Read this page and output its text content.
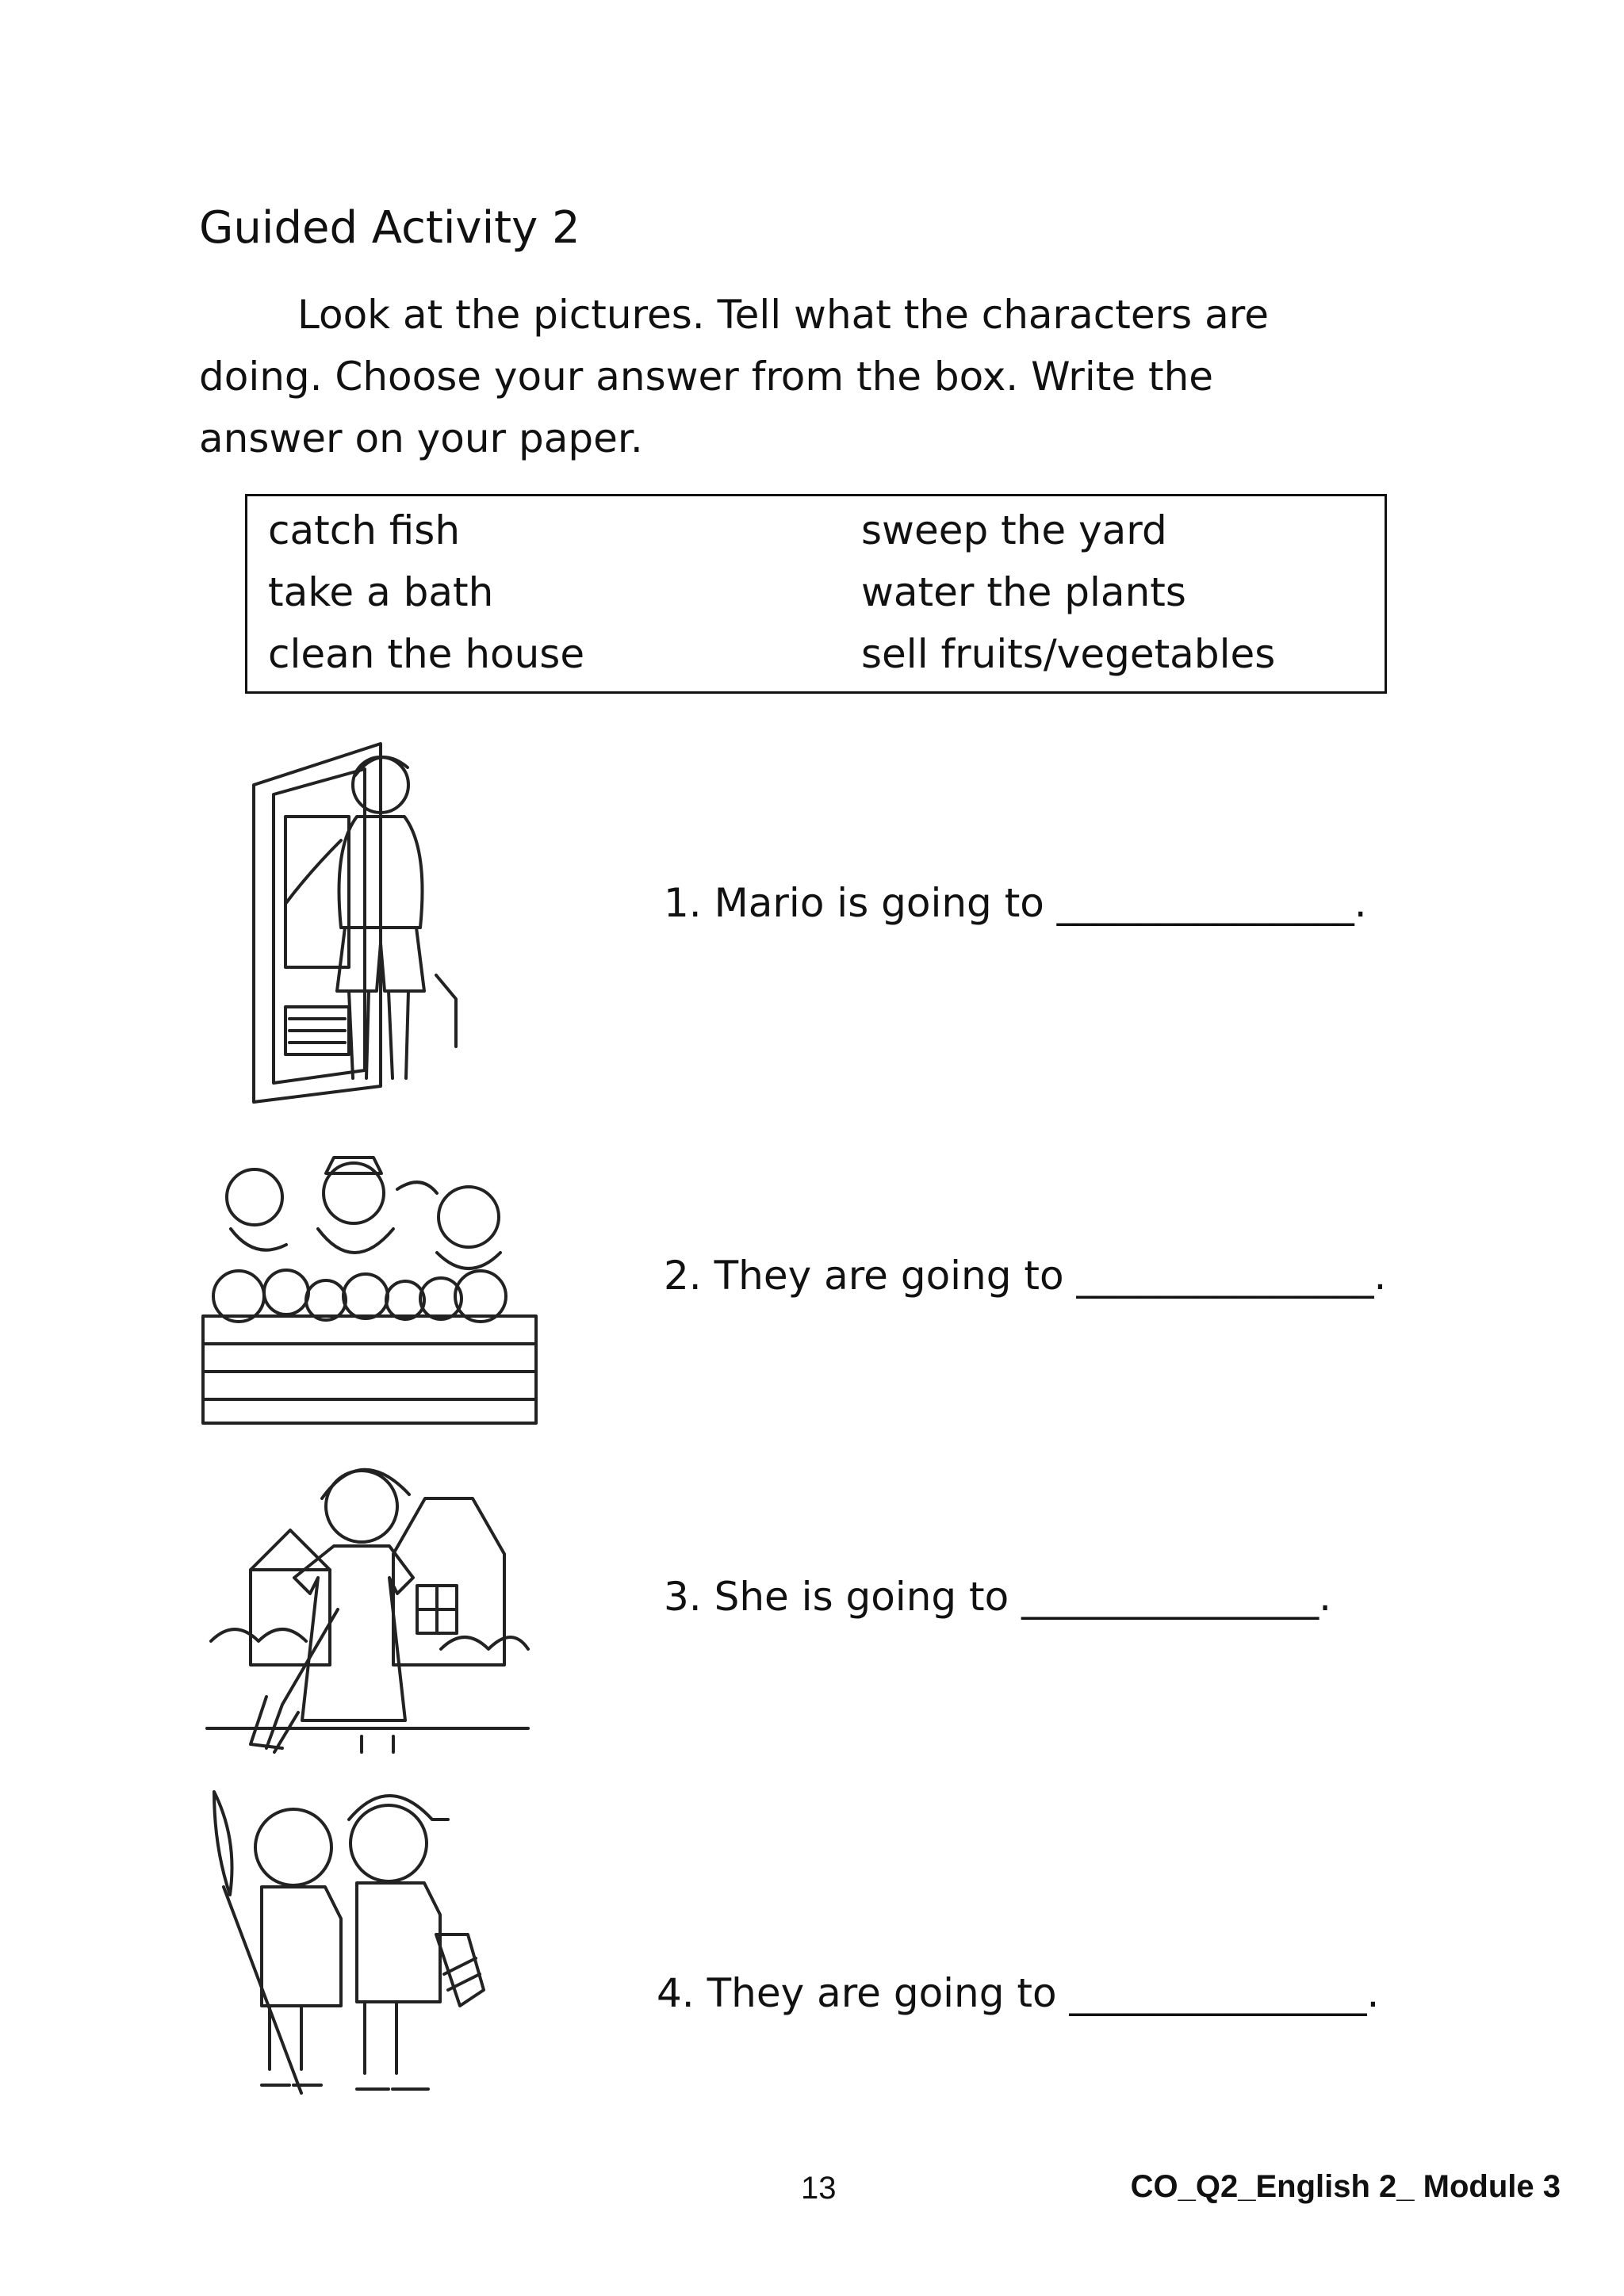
Guided Activity 2
Look at the pictures. Tell what the characters are
doing. Choose your answer from the box. Write the
answer on your paper.
catch fish
take a bath
clean the house
sweep the yard
water the plants
sell fruits/vegetables
1. Mario is going to _______________.
2. They are going to _______________.
3. She is going to _______________.
4. They are going to _______________.
13	CO_Q2_English 2_ Module 3
